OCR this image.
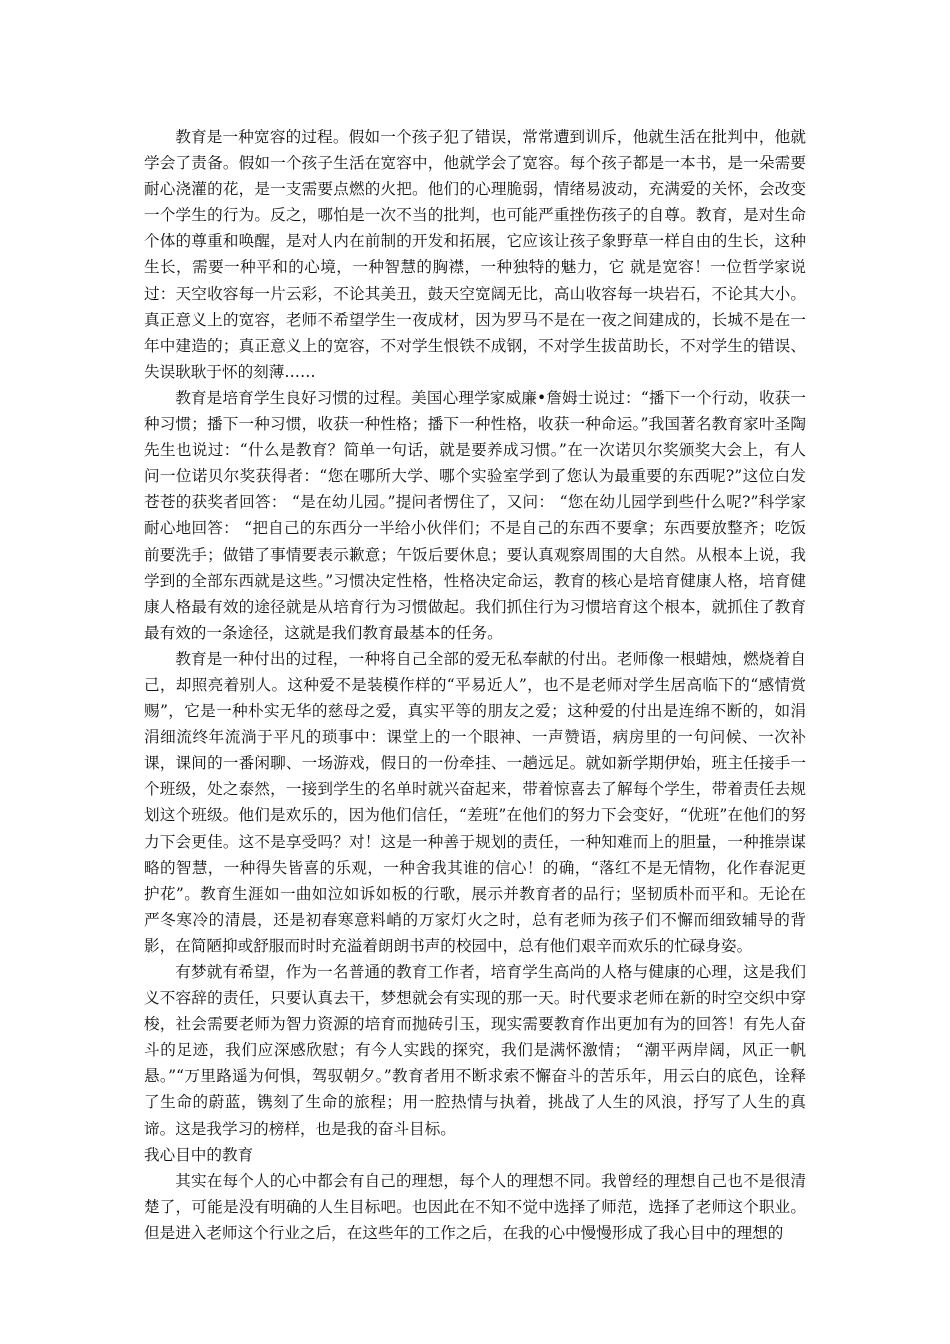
教育是一种宽容的过程。假如一个孩子犯了错误，常常遭到训斥，他就生活在批判中，他就学会了责备。假如一个孩子生活在宽容中，他就学会了宽容。每个孩子都是一本书，是一朵需要耐心浇灌的花，是一支需要点燃的火把。他们的心理脆弱，情绪易波动，充满爱的关怀，会改变一个学生的行为。反之，哪怕是一次不当的批判，也可能严重挫伤孩子的自尊。教育，是对生命个体的尊重和唤醒，是对人内在前制的开发和拓展，它应该让孩子象野草一样自由的生长，这种生长，需要一种平和的心境，一种智慧的胸襟，一种独特的魅力，它 就是宽容！一位哲学家说过：天空收容每一片云彩，不论其美丑，鼓天空宽阔无比，高山收容每一块岩石，不论其大小。真正意义上的宽容，老师不希望学生一夜成材，因为罗马不是在一夜之间建成的，长城不是在一年中建造的；真正意义上的宽容，不对学生恨铁不成钢，不对学生拔苗助长，不对学生的错误、失误耿耿于怀的刻薄……

教育是培育学生良好习惯的过程。美国心理学家威廉•詹姆士说过：“播下一个行动，收获一种习惯；播下一种习惯，收获一种性格；播下一种性格，收获一种命运。”我国著名教育家叶圣陶先生也说过：“什么是教育？简单一句话，就是要养成习惯。”在一次诺贝尔奖颁奖大会上，有人问一位诺贝尔奖获得者：“您在哪所大学、哪个实验室学到了您认为最重要的东西呢?”这位白发苍苍的获奖者回答： “是在幼儿园。”提问者愣住了，又问： “您在幼儿园学到些什么呢?”科学家耐心地回答： “把自己的东西分一半给小伙伴们；不是自己的东西不要拿；东西要放整齐；吃饭前要洗手；做错了事情要表示歉意；午饭后要休息；要认真观察周围的大自然。从根本上说，我学到的全部东西就是这些。”习惯决定性格，性格决定命运，教育的核心是培育健康人格，培育健康人格最有效的途径就是从培育行为习惯做起。我们抓住行为习惯培育这个根本，就抓住了教育最有效的一条途径，这就是我们教育最基本的任务。

教育是一种付出的过程，一种将自己全部的爱无私奉献的付出。老师像一根蜡烛，燃烧着自己，却照亮着别人。这种爱不是装模作样的“平易近人”，也不是老师对学生居高临下的“感情赏赐”，它是一种朴实无华的慈母之爱，真实平等的朋友之爱；这种爱的付出是连绵不断的，如涓涓细流终年流淌于平凡的琐事中：课堂上的一个眼神、一声赞语，病房里的一句问候、一次补课，课间的一番闲聊、一场游戏，假日的一份牵挂、一趟远足。就如新学期伊始，班主任接手一个班级，处之泰然，一接到学生的名单时就兴奋起来，带着惊喜去了解每个学生，带着责任去规划这个班级。他们是欢乐的，因为他们信任，“差班”在他们的努力下会变好，“优班”在他们的努力下会更佳。这不是享受吗？对！这是一种善于规划的责任，一种知难而上的胆量，一种推崇谋略的智慧，一种得失皆喜的乐观，一种舍我其谁的信心！的确，“落红不是无情物，化作春泥更护花”。教育生涯如一曲如泣如诉如板的行歌，展示并教育者的品行；坚韧质朴而平和。无论在严冬寒冷的清晨，还是初春寒意料峭的万家灯火之时，总有老师为孩子们不懈而细致辅导的背影，在简陋抑或舒服而时时充溢着朗朗书声的校园中，总有他们艰辛而欢乐的忙碌身姿。

有梦就有希望，作为一名普通的教育工作者，培育学生高尚的人格与健康的心理，这是我们义不容辞的责任，只要认真去干，梦想就会有实现的那一天。时代要求老师在新的时空交织中穿梭，社会需要老师为智力资源的培育而抛砖引玉，现实需要教育作出更加有为的回答！有先人奋斗的足迹，我们应深感欣慰；有今人实践的探究，我们是满怀激情； “潮平两岸阔，风正一帆悬。”“万里路遥为何惧，驾驭朝夕。”教育者用不断求索不懈奋斗的苦乐年，用云白的底色，诠释了生命的蔚蓝，镌刻了生命的旅程；用一腔热情与执着，挑战了人生的风浪，抒写了人生的真谛。这是我学习的榜样，也是我的奋斗目标。

我心目中的教育

其实在每个人的心中都会有自己的理想，每个人的理想不同。我曾经的理想自己也不是很清楚了，可能是没有明确的人生目标吧。也因此在不知不觉中选择了师范，选择了老师这个职业。但是进入老师这个行业之后，在这些年的工作之后，在我的心中慢慢形成了我心目中的理想的
